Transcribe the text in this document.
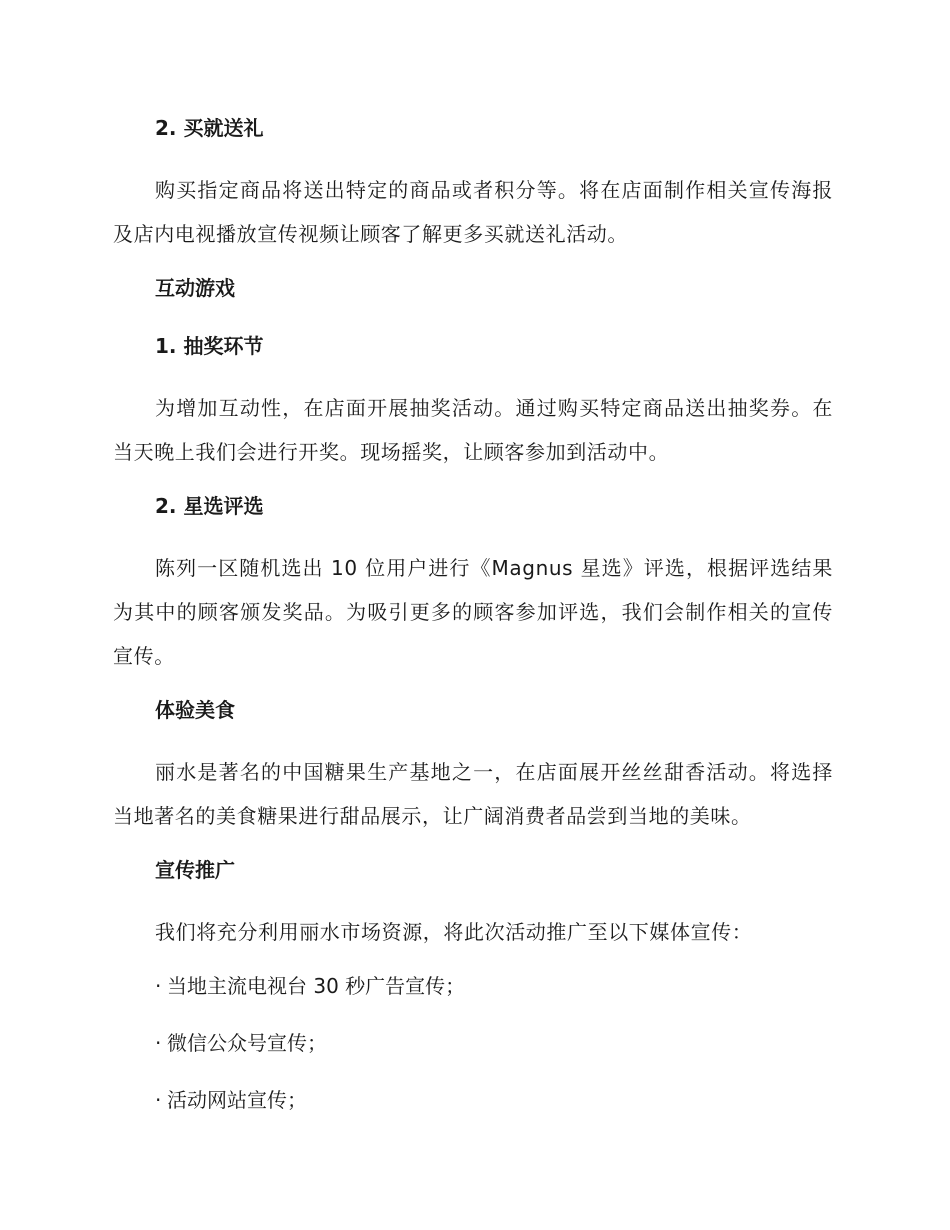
2. 买就送礼
购买指定商品将送出特定的商品或者积分等。将在店面制作相关宣传海报及店内电视播放宣传视频让顾客了解更多买就送礼活动。
互动游戏
1. 抽奖环节
为增加互动性，在店面开展抽奖活动。通过购买特定商品送出抽奖券。在当天晚上我们会进行开奖。现场摇奖，让顾客参加到活动中。
2. 星选评选
陈列一区随机选出 10 位用户进行《Magnus 星选》评选，根据评选结果为其中的顾客颁发奖品。为吸引更多的顾客参加评选，我们会制作相关的宣传宣传。
体验美食
丽水是著名的中国糖果生产基地之一，在店面展开丝丝甜香活动。将选择当地著名的美食糖果进行甜品展示，让广阔消费者品尝到当地的美味。
宣传推广
我们将充分利用丽水市场资源，将此次活动推广至以下媒体宣传：
· 当地主流电视台 30 秒广告宣传；
· 微信公众号宣传；
· 活动网站宣传；
